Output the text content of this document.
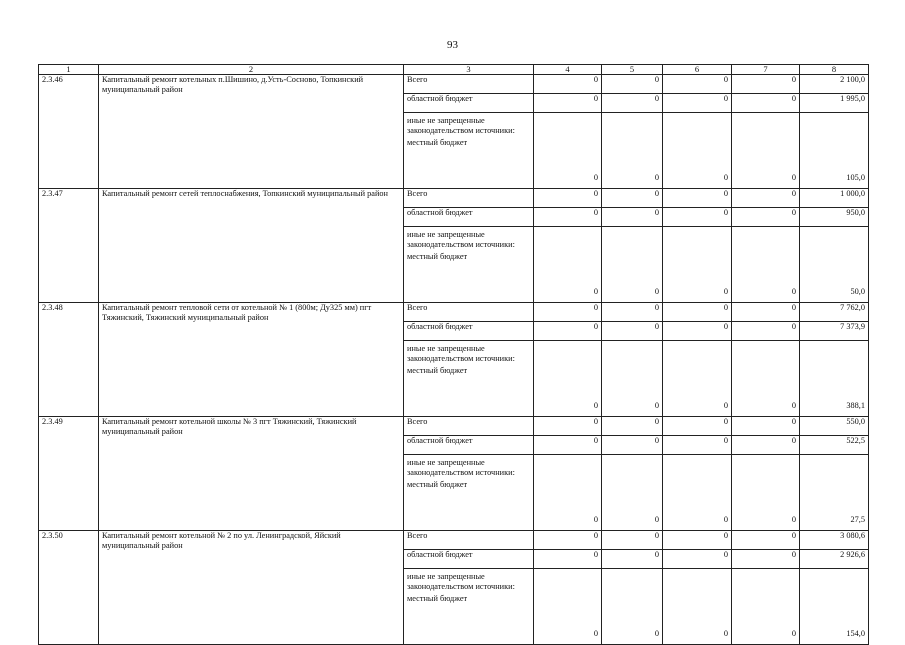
93
1	2	3	4	5	6	7	8
2.3.46	Капитальный ремонт котельных п.Шишино, д.Усть-Сосново, Топкинский муниципальный район	Всего	0	0	0	0	2 100,0
		областной бюджет	0	0	0	0	1 995,0

		иные не запрещенные законодательством источники:
местный бюджет	0	0	0	0	105,0
2.3.47	Капитальный ремонт сетей теплоснабжения, Топкинский муниципальный район	Всего	0	0	0	0	1 000,0
		областной бюджет	0	0	0	0	950,0

		иные не запрещенные законодательством источники:
местный бюджет	0	0	0	0	50,0
2.3.48	Капитальный ремонт тепловой сети от котельной № 1 (800м; Ду325 мм) пгт Тяжинский, Тяжинский муниципальный район	Всего	0	0	0	0	7 762,0
		областной бюджет	0	0	0	0	7 373,9

		иные не запрещенные законодательством источники:
местный бюджет	0	0	0	0	388,1
2.3.49	Капитальный ремонт котельной школы № 3 пгт Тяжинский, Тяжинский муниципальный район	Всего	0	0	0	0	550,0
		областной бюджет	0	0	0	0	522,5

		иные не запрещенные законодательством источники:
местный бюджет	0	0	0	0	27,5
2.3.50	Капитальный ремонт котельной № 2 по ул. Ленинградской, Яйский муниципальный район	Всего	0	0	0	0	3 080,6
		областной бюджет	0	0	0	0	2 926,6

		иные не запрещенные законодательством источники:
местный бюджет	0	0	0	0	154,0
